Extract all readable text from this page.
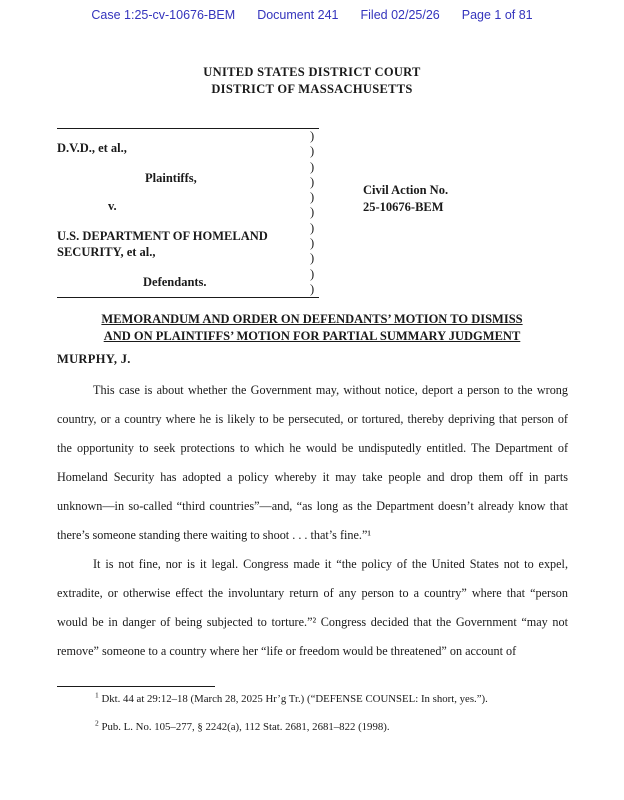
Case 1:25-cv-10676-BEM Document 241 Filed 02/25/26 Page 1 of 81
UNITED STATES DISTRICT COURT
DISTRICT OF MASSACHUSETTS
D.V.D., et al.,
Plaintiffs,
v.
U.S. DEPARTMENT OF HOMELAND
SECURITY, et al.,
Defendants.
)
)
)
)
)
)
)
)
)
)
)
Civil Action No.
25-10676-BEM
MEMORANDUM AND ORDER ON DEFENDANTS’ MOTION TO DISMISS
AND ON PLAINTIFFS’ MOTION FOR PARTIAL SUMMARY JUDGMENT
MURPHY, J.

This case is about whether the Government may, without notice, deport a person to the wrong country, or a country where he is likely to be persecuted, or tortured, thereby depriving that person of the opportunity to seek protections to which he would be undisputedly entitled. The Department of Homeland Security has adopted a policy whereby it may take people and drop them off in parts unknown—in so-called “third countries”—and, “as long as the Department doesn’t already know that there’s someone standing there waiting to shoot . . . that’s fine.”¹

It is not fine, nor is it legal. Congress made it “the policy of the United States not to expel, extradite, or otherwise effect the involuntary return of any person to a country” where that “person would be in danger of being subjected to torture.”² Congress decided that the Government “may not remove” someone to a country where her “life or freedom would be threatened” on account of

$^1$ Dkt. 44 at 29:12–18 (March 28, 2025 Hr’g Tr.) (“DEFENSE COUNSEL: In short, yes.”).
$^2$ Pub. L. No. 105–277, § 2242(a), 112 Stat. 2681, 2681–822 (1998).
